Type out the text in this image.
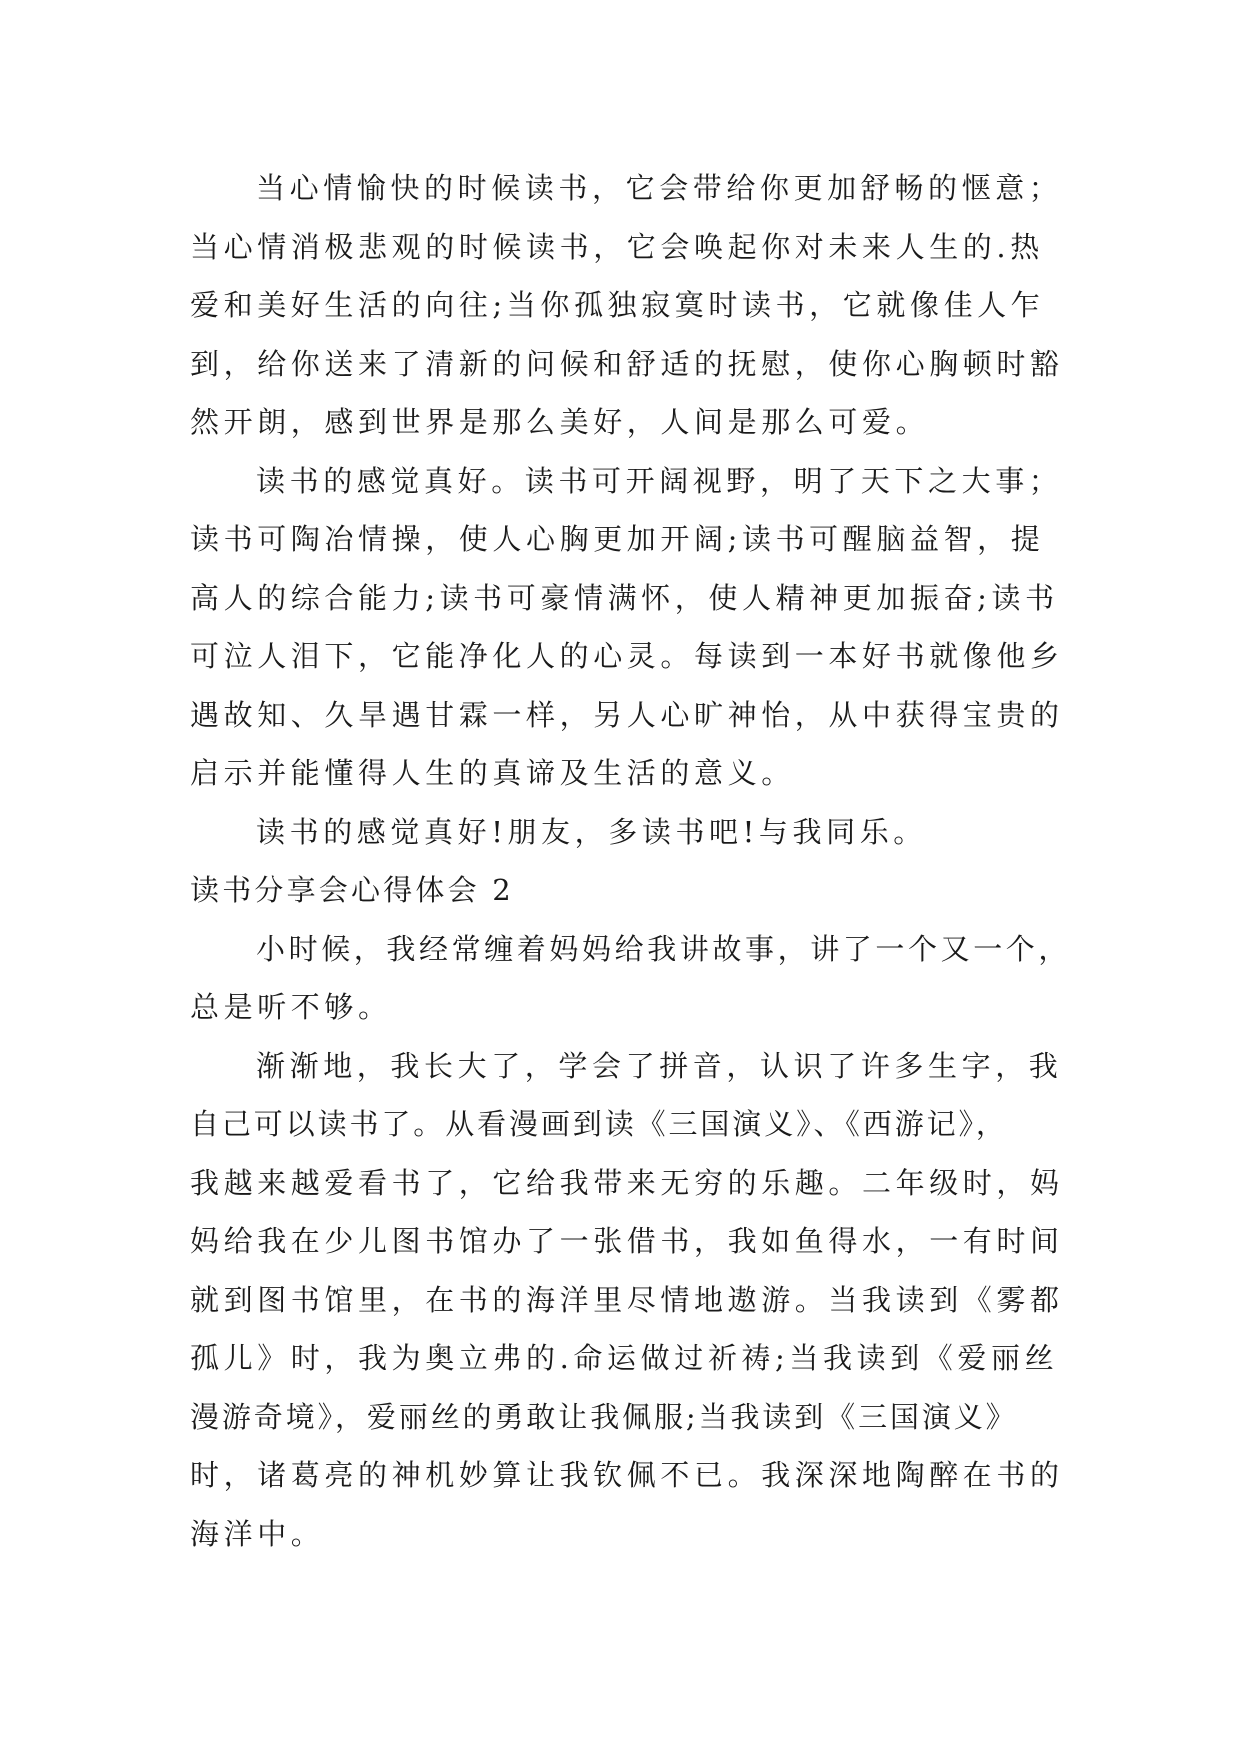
当心情愉快的时候读书，它会带给你更加舒畅的惬意；
当心情消极悲观的时候读书，它会唤起你对未来人生的.热
爱和美好生活的向往;当你孤独寂寞时读书，它就像佳人乍
到，给你送来了清新的问候和舒适的抚慰，使你心胸顿时豁
然开朗，感到世界是那么美好，人间是那么可爱。
读书的感觉真好。读书可开阔视野，明了天下之大事；
读书可陶冶情操，使人心胸更加开阔;读书可醒脑益智，提
高人的综合能力;读书可豪情满怀，使人精神更加振奋;读书
可泣人泪下，它能净化人的心灵。每读到一本好书就像他乡
遇故知、久旱遇甘霖一样，另人心旷神怡，从中获得宝贵的
启示并能懂得人生的真谛及生活的意义。
读书的感觉真好!朋友，多读书吧!与我同乐。
读书分享会心得体会 2
小时候，我经常缠着妈妈给我讲故事，讲了一个又一个，
总是听不够。
渐渐地，我长大了，学会了拼音，认识了许多生字，我
自己可以读书了。从看漫画到读《三国演义》、《西游记》，
我越来越爱看书了，它给我带来无穷的乐趣。二年级时，妈
妈给我在少儿图书馆办了一张借书，我如鱼得水，一有时间
就到图书馆里，在书的海洋里尽情地遨游。当我读到《雾都
孤儿》时，我为奥立弗的.命运做过祈祷;当我读到《爱丽丝
漫游奇境》，爱丽丝的勇敢让我佩服;当我读到《三国演义》
时，诸葛亮的神机妙算让我钦佩不已。我深深地陶醉在书的
海洋中。
